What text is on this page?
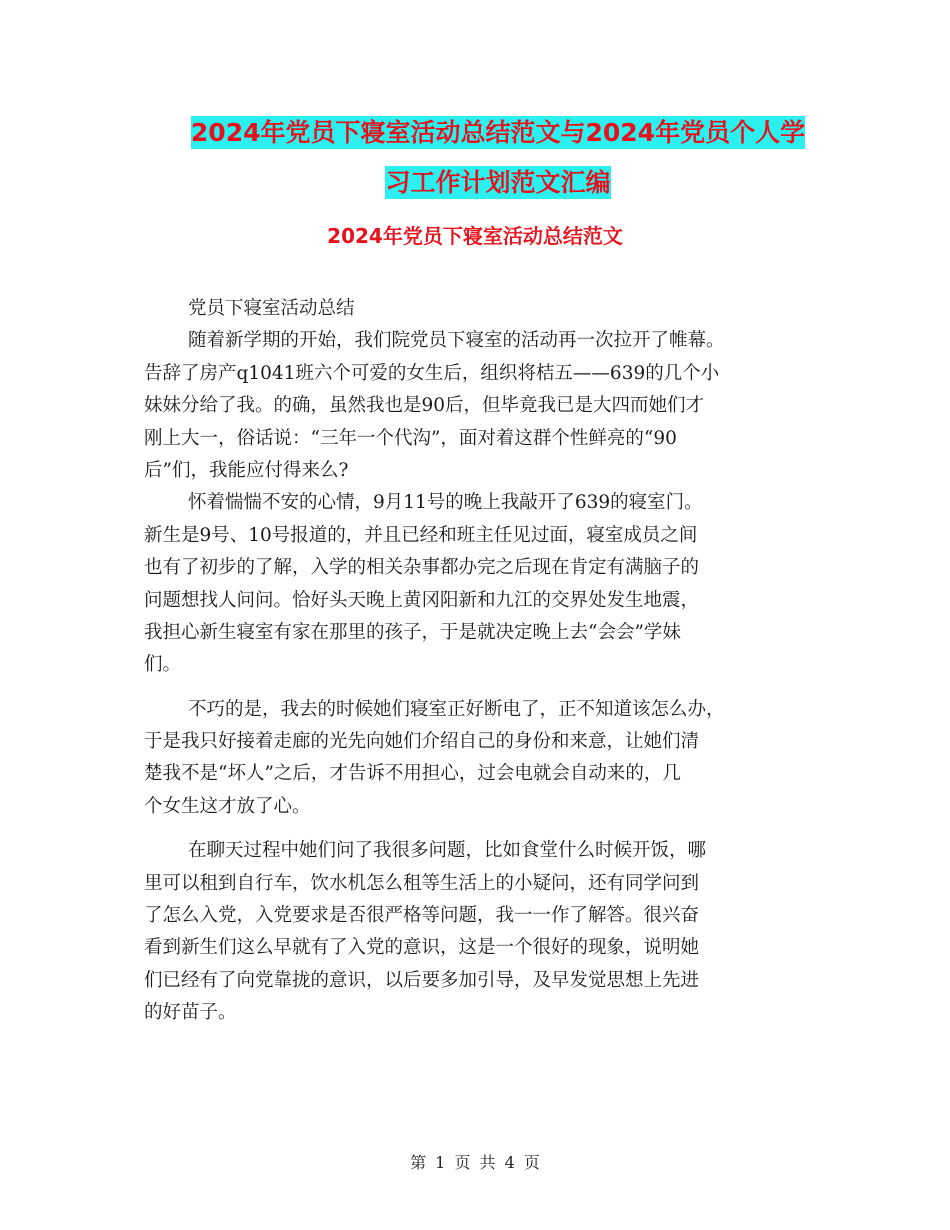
2024年党员下寝室活动总结范文与2024年党员个人学
习工作计划范文汇编
2024年党员下寝室活动总结范文
党员下寝室活动总结
随着新学期的开始，我们院党员下寝室的活动再一次拉开了帷幕。
告辞了房产q1041班六个可爱的女生后，组织将桔五——639的几个小
妹妹分给了我。的确，虽然我也是90后，但毕竟我已是大四而她们才
刚上大一，俗话说：“三年一个代沟”，面对着这群个性鲜亮的“90
后”们，我能应付得来么?
怀着惴惴不安的心情，9月11号的晚上我敲开了639的寝室门。
新生是9号、10号报道的，并且已经和班主任见过面，寝室成员之间
也有了初步的了解，入学的相关杂事都办完之后现在肯定有满脑子的
问题想找人问问。恰好头天晚上黄冈阳新和九江的交界处发生地震，
我担心新生寝室有家在那里的孩子，于是就决定晚上去“会会”学妹
们。
不巧的是，我去的时候她们寝室正好断电了，正不知道该怎么办，
于是我只好接着走廊的光先向她们介绍自己的身份和来意，让她们清
楚我不是“坏人”之后，才告诉不用担心，过会电就会自动来的，几
个女生这才放了心。
在聊天过程中她们问了我很多问题，比如食堂什么时候开饭，哪
里可以租到自行车，饮水机怎么租等生活上的小疑问，还有同学问到
了怎么入党，入党要求是否很严格等问题，我一一作了解答。很兴奋
看到新生们这么早就有了入党的意识，这是一个很好的现象，说明她
们已经有了向党靠拢的意识，以后要多加引导，及早发觉思想上先进
的好苗子。
第 1 页 共 4 页
